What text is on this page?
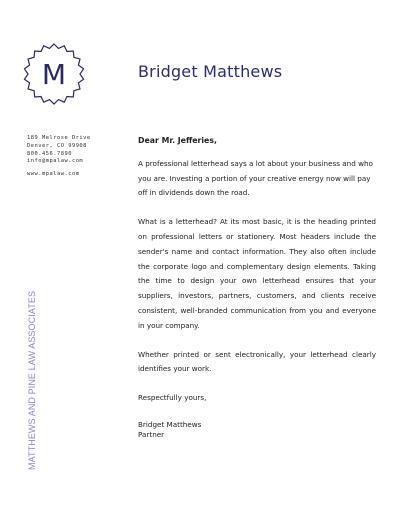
M	Bridget Matthews
189 Melrose Drive
Denver, CO 99908
800.456.7890
info@mpalaw.com
www.mpalaw.com
MATTHEWS AND PINE LAW ASSOCIATES
Dear Mr. Jefferies,

A professional letterhead says a lot about your business and who you are. Investing a portion of your creative energy now will pay off in dividends down the road.

What is a letterhead? At its most basic, it is the heading printed on professional letters or stationery. Most headers include the sender's name and contact information. They also often include the corporate logo and complementary design elements. Taking the time to design your own letterhead ensures that your suppliers, investors, partners, customers, and clients receive consistent, well-branded communication from you and everyone in your company.

Whether printed or sent electronically, your letterhead clearly identifies your work.

Respectfully yours,
Bridget Matthews
Partner
